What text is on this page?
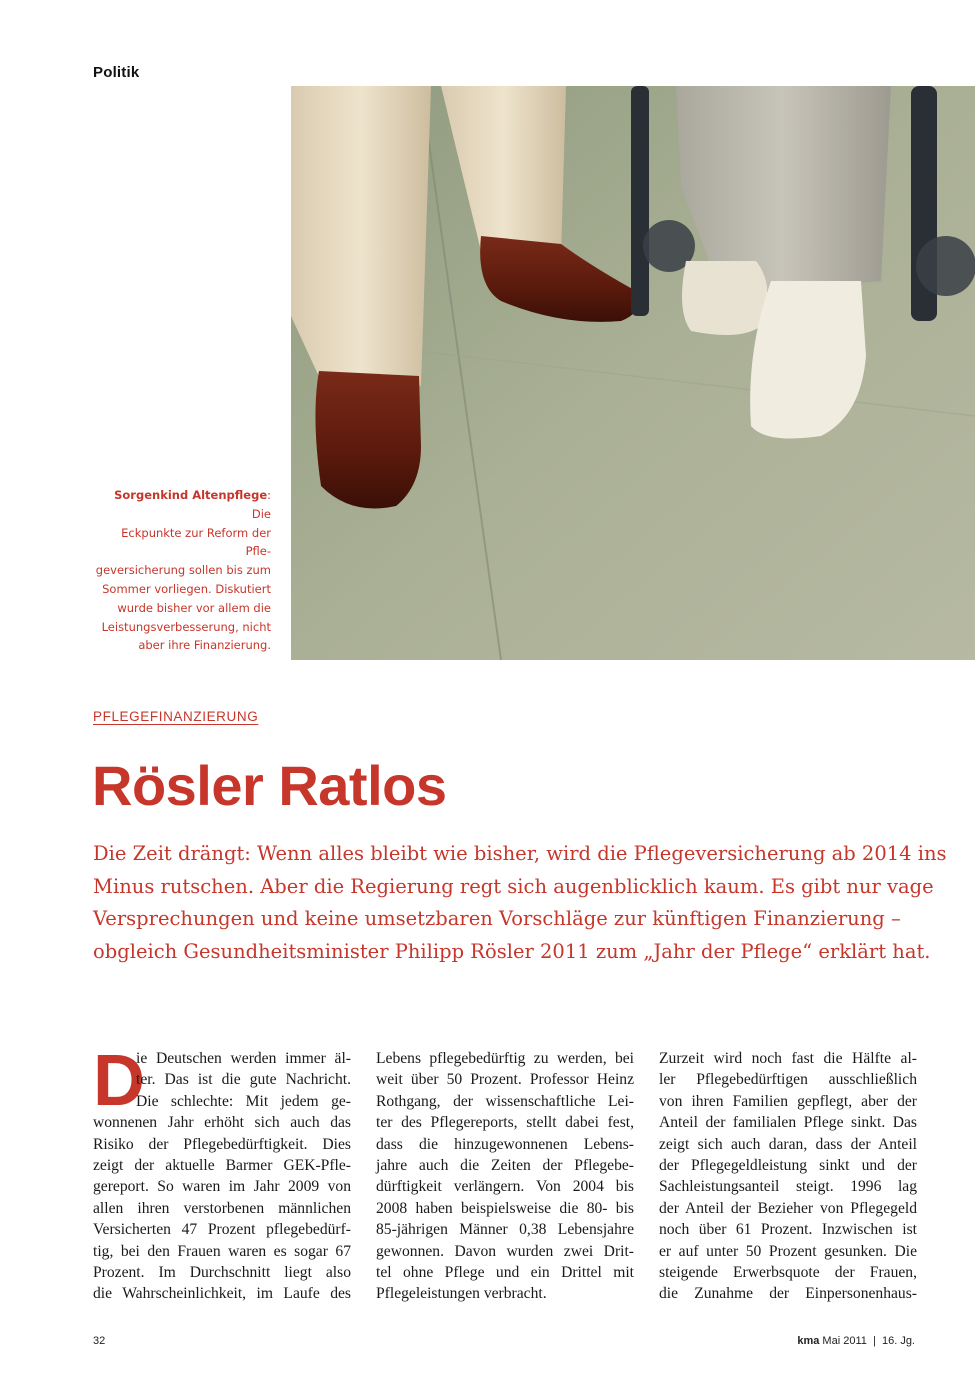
Politik
Sorgenkind Altenpflege: Die
Eckpunkte zur Reform der Pfle-
geversicherung sollen bis zum
Sommer vorliegen. Diskutiert
wurde bisher vor allem die
Leistungsverbesserung, nicht
aber ihre Finanzierung.
PFLEGEFINANZIERUNG
Rösler Ratlos

Die Zeit drängt: Wenn alles bleibt wie bisher, wird die Pflegeversicherung ab 2014 ins

Minus rutschen. Aber die Regierung regt sich augenblicklich kaum. Es gibt nur vage

Versprechungen und keine umsetzbaren Vorschläge zur künftigen Finanzierung –

obgleich Gesundheitsminister Philipp Rösler 2011 zum „Jahr der Pflege“ erklärt hat.

D

ie Deutschen werden immer äl-

ter. Das ist die gute Nachricht.

Die schlechte: Mit jedem ge-

wonnenen Jahr erhöht sich auch das

Risiko der Pflegebedürftigkeit. Dies

zeigt der aktuelle Barmer GEK-Pfle-

gereport. So waren im Jahr 2009 von

allen ihren verstorbenen männlichen

Versicherten 47 Prozent pflegebedürf-

tig, bei den Frauen waren es sogar 67

Prozent. Im Durchschnitt liegt also

die Wahrscheinlichkeit, im Laufe des

Lebens pflegebedürftig zu werden, bei

weit über 50 Prozent. Professor Heinz

Rothgang, der wissenschaftliche Lei-

ter des Pflegereports, stellt dabei fest,

dass die hinzugewonnenen Lebens-

jahre auch die Zeiten der Pflegebe-

dürftigkeit verlängern. Von 2004 bis

2008 haben beispielsweise die 80- bis

85-jährigen Männer 0,38 Lebensjahre

gewonnen. Davon wurden zwei Drit-

tel ohne Pflege und ein Drittel mit

Pflegeleistungen verbracht.

Zurzeit wird noch fast die Hälfte al-

ler Pflegebedürftigen ausschließlich

von ihren Familien gepflegt, aber der

Anteil der familialen Pflege sinkt. Das

zeigt sich auch daran, dass der Anteil

der Pflegegeldleistung sinkt und der

Sachleistungsanteil steigt. 1996 lag

der Anteil der Bezieher von Pflegegeld

noch über 61 Prozent. Inzwischen ist

er auf unter 50 Prozent gesunken. Die

steigende Erwerbsquote der Frauen,

die Zunahme der Einpersonenhaus-

32	kma Mai 2011 | 16. Jg.
